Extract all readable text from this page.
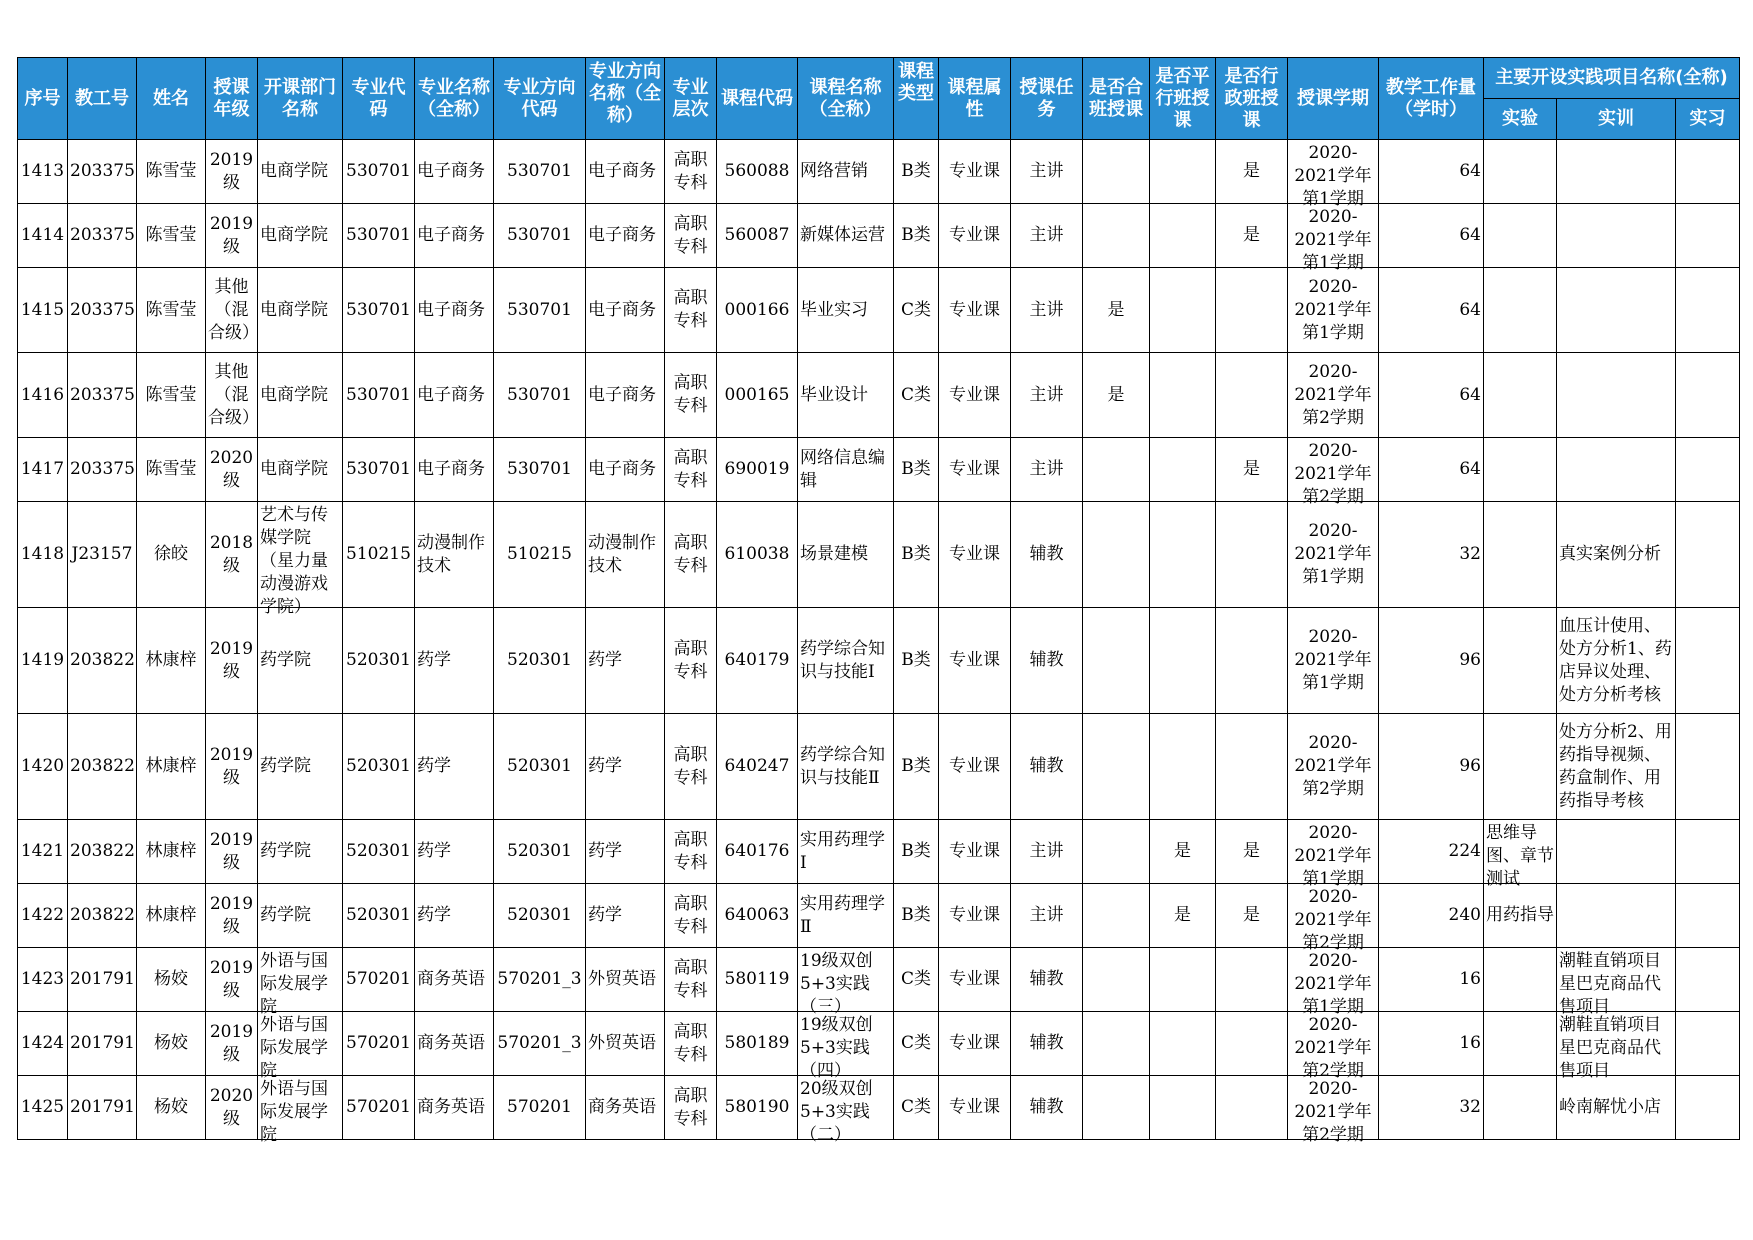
序号	教工号	姓名	授课年级	开课部门名称	专业代码	专业名称（全称）	专业方向代码	专业方向名称（全称）	专业层次	课程代码	课程名称（全称）	课程类型	课程属性	授课任务	是否合班授课	是否平行班授课	是否行政班授课	授课学期	教学工作量（学时）	主要开设实践项目名称(全称)		
																				实验	实训	实习

1413	203375	陈雪莹	2019级	电商学院	530701	电子商务	530701	电子商务	高职专科	560088	网络营销	B类	专业课	主讲			是	2020-2021学年第1学期	64			

1414	203375	陈雪莹	2019级	电商学院	530701	电子商务	530701	电子商务	高职专科	560087	新媒体运营	B类	专业课	主讲			是	2020-2021学年第1学期	64			

1415	203375	陈雪莹	其他（混合级）	电商学院	530701	电子商务	530701	电子商务	高职专科	000166	毕业实习	C类	专业课	主讲	是			2020-2021学年第1学期	64			

1416	203375	陈雪莹	其他（混合级）	电商学院	530701	电子商务	530701	电子商务	高职专科	000165	毕业设计	C类	专业课	主讲	是			2020-2021学年第2学期	64			

1417	203375	陈雪莹	2020级	电商学院	530701	电子商务	530701	电子商务	高职专科	690019	网络信息编辑	B类	专业课	主讲			是	2020-2021学年第2学期	64			

1418	J23157	徐皎	2018级	艺术与传媒学院（星力量动漫游戏学院）	510215	动漫制作技术	510215	动漫制作技术	高职专科	610038	场景建模	B类	专业课	辅教				2020-2021学年第1学期	32		真实案例分析	

1419	203822	林康梓	2019级	药学院	520301	药学	520301	药学	高职专科	640179	药学综合知识与技能Ⅰ	B类	专业课	辅教				2020-2021学年第1学期	96		血压计使用、处方分析1、药店异议处理、处方分析考核	

1420	203822	林康梓	2019级	药学院	520301	药学	520301	药学	高职专科	640247	药学综合知识与技能Ⅱ	B类	专业课	辅教				2020-2021学年第2学期	96		处方分析2、用药指导视频、药盒制作、用药指导考核	

1421	203822	林康梓	2019级	药学院	520301	药学	520301	药学	高职专科	640176	实用药理学Ⅰ	B类	专业课	主讲		是	是	2020-2021学年第1学期	224	思维导图、章节测试		

1422	203822	林康梓	2019级	药学院	520301	药学	520301	药学	高职专科	640063	实用药理学Ⅱ	B类	专业课	主讲		是	是	2020-2021学年第2学期	240	用药指导		

1423	201791	杨姣	2019级	外语与国际发展学院	570201	商务英语	570201_3	外贸英语	高职专科	580119	19级双创5+3实践（三）	C类	专业课	辅教				2020-2021学年第1学期	16		潮鞋直销项目星巴克商品代售项目	

1424	201791	杨姣	2019级	外语与国际发展学院	570201	商务英语	570201_3	外贸英语	高职专科	580189	19级双创5+3实践（四）	C类	专业课	辅教				2020-2021学年第2学期	16		潮鞋直销项目星巴克商品代售项目	

1425	201791	杨姣	2020级	外语与国际发展学院	570201	商务英语	570201	商务英语	高职专科	580190	20级双创5+3实践（二）	C类	专业课	辅教				2020-2021学年第2学期	32		岭南解忧小店	
